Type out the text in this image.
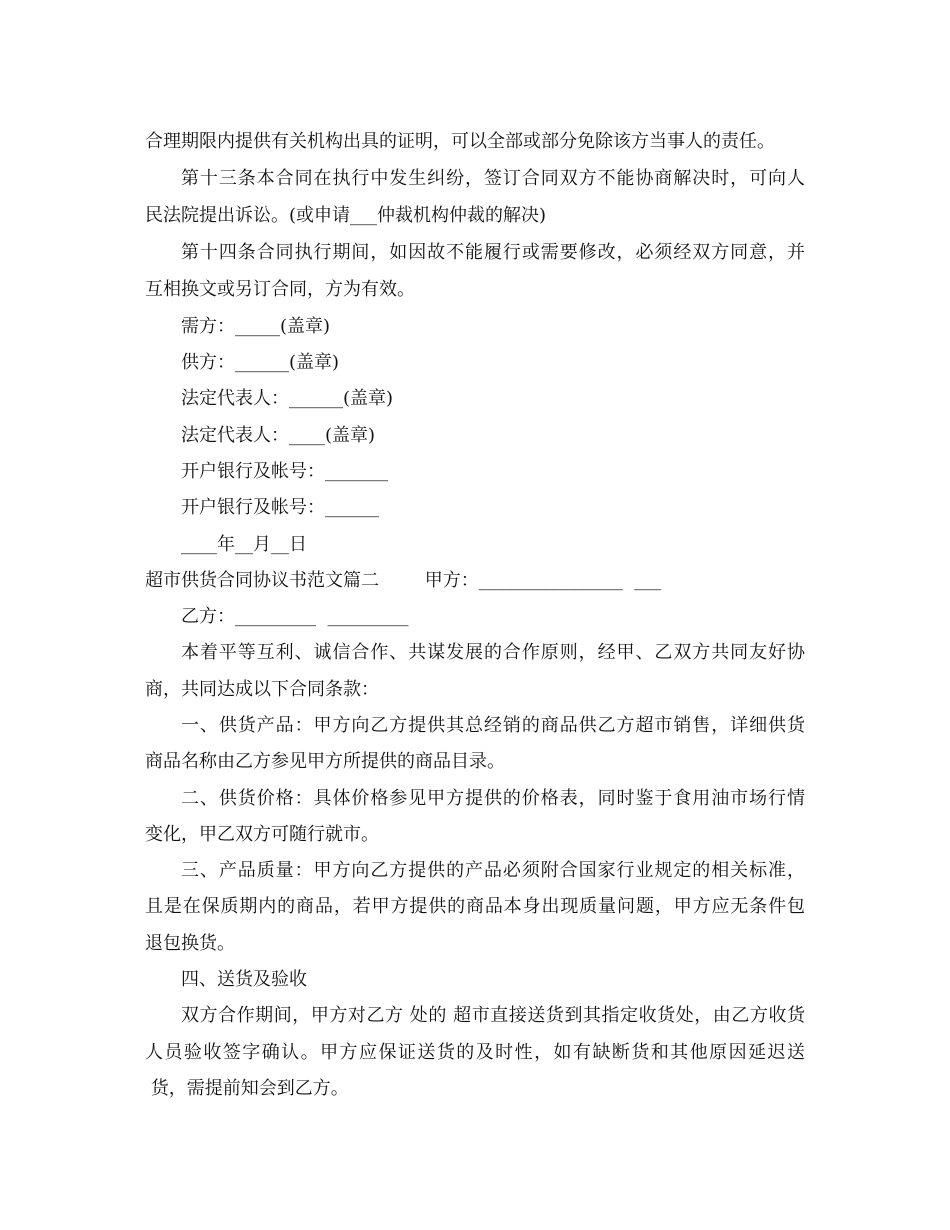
合理期限内提供有关机构出具的证明，可以全部或部分免除该方当事人的责任。
第十三条本合同在执行中发生纠纷，签订合同双方不能协商解决时，可向人
民法院提出诉讼。(或申请___仲裁机构仲裁的解决)
第十四条合同执行期间，如因故不能履行或需要修改，必须经双方同意，并
互相换文或另订合同，方为有效。
需方：_____(盖章)
供方：______(盖章)
法定代表人：______(盖章)
法定代表人：____(盖章)
开户银行及帐号：_______
开户银行及帐号：______
____年__月__日
超市供货合同协议书范文篇二        甲方：________________  ___
乙方：_________  _________
本着平等互利、诚信合作、共谋发展的合作原则，经甲、乙双方共同友好协
商，共同达成以下合同条款：
一、供货产品：甲方向乙方提供其总经销的商品供乙方超市销售，详细供货
商品名称由乙方参见甲方所提供的商品目录。
二、供货价格：具体价格参见甲方提供的价格表，同时鉴于食用油市场行情
变化，甲乙双方可随行就市。
三、产品质量：甲方向乙方提供的产品必须附合国家行业规定的相关标准，
且是在保质期内的商品，若甲方提供的商品本身出现质量问题，甲方应无条件包
退包换货。
四、送货及验收
双方合作期间，甲方对乙方 处的 超市直接送货到其指定收货处，由乙方收货
人员验收签字确认。甲方应保证送货的及时性，如有缺断货和其他原因延迟送
货，需提前知会到乙方。
